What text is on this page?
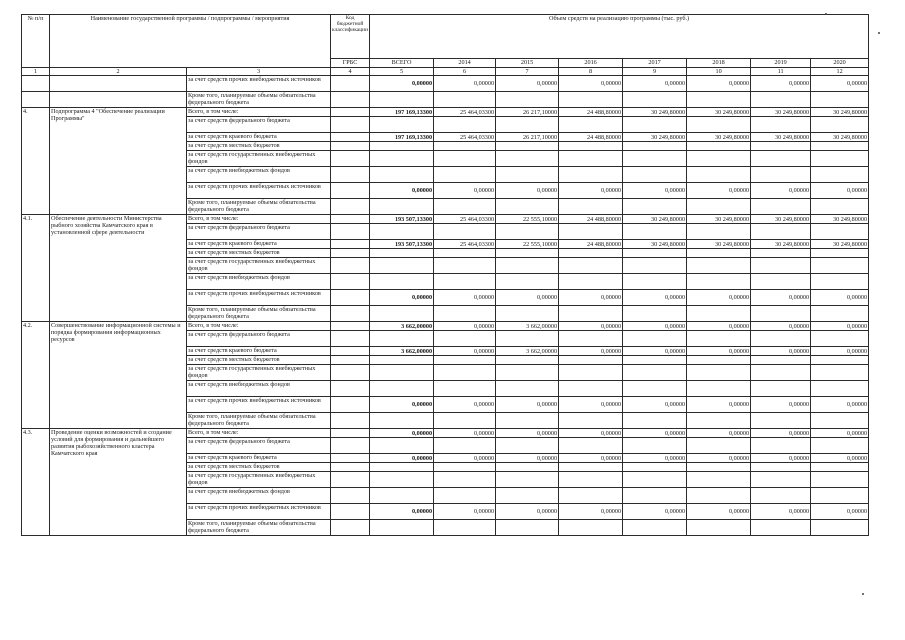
№ п/п	Наименование государственной программы / подпрограммы / мероприятия		Код бюджетной классификации	Объем средств на реализацию программы (тыс. руб.)							
			ГРБС	ВСЕГО	2014	2015	2016	2017	2018	2019	2020
1	2	3	4	5	6	7	8	9	10	11	12
		за счет средств прочих внебюджетных источников		0,00000	0,00000	0,00000	0,00000	0,00000	0,00000	0,00000	0,00000
		Кроме того, планируемые объемы обязательства федерального бюджета									
4.	Подпрограмма 4 "Обеспечение реализации Программы"	Всего, в том числе:		197 169,13300	25 464,03300	26 217,10000	24 488,80000	30 249,80000	30 249,80000	30 249,80000	30 249,80000
		за счет средств федерального бюджета									
		за счет средств краевого бюджета		197 169,13300	25 464,03300	26 217,10000	24 488,80000	30 249,80000	30 249,80000	30 249,80000	30 249,80000
		за счет средств местных бюджетов									
		за счет средств государственных внебюджетных фондов									
		за счет средств внебюджетных фондов									
		за счет средств прочих внебюджетных источников		0,00000	0,00000	0,00000	0,00000	0,00000	0,00000	0,00000	0,00000
		Кроме того, планируемые объемы обязательства федерального бюджета									
4.1.	Обеспечение деятельности Министерства рыбного хозяйства Камчатского края в установленной сфере деятельности	Всего, в том числе:		193 507,13300	25 464,03300	22 555,10000	24 488,80000	30 249,80000	30 249,80000	30 249,80000	30 249,80000
		за счет средств федерального бюджета									
		за счет средств краевого бюджета		193 507,13300	25 464,03300	22 555,10000	24 488,80000	30 249,80000	30 249,80000	30 249,80000	30 249,80000
		за счет средств местных бюджетов									
		за счет средств государственных внебюджетных фондов									
		за счет средств внебюджетных фондов									
		за счет средств прочих внебюджетных источников		0,00000	0,00000	0,00000	0,00000	0,00000	0,00000	0,00000	0,00000
		Кроме того, планируемые объемы обязательства федерального бюджета									
4.2.	Совершенствование информационной системы и порядка формирования информационных ресурсов	Всего, в том числе:		3 662,00000	0,00000	3 662,00000	0,00000	0,00000	0,00000	0,00000	0,00000
		за счет средств федерального бюджета									
		за счет средств краевого бюджета		3 662,00000	0,00000	3 662,00000	0,00000	0,00000	0,00000	0,00000	0,00000
		за счет средств местных бюджетов									
		за счет средств государственных внебюджетных фондов									
		за счет средств внебюджетных фондов									
		за счет средств прочих внебюджетных источников		0,00000	0,00000	0,00000	0,00000	0,00000	0,00000	0,00000	0,00000
		Кроме того, планируемые объемы обязательства федерального бюджета									
4.3.	Проведение оценки возможностей и создание условий для формирования и дальнейшего развития рыбохозяйственного кластера Камчатского края	Всего, в том числе:		0,00000	0,00000	0,00000	0,00000	0,00000	0,00000	0,00000	0,00000
		за счет средств федерального бюджета									
		за счет средств краевого бюджета		0,00000	0,00000	0,00000	0,00000	0,00000	0,00000	0,00000	0,00000
		за счет средств местных бюджетов									
		за счет средств государственных внебюджетных фондов									
		за счет средств внебюджетных фондов									
		за счет средств прочих внебюджетных источников		0,00000	0,00000	0,00000	0,00000	0,00000	0,00000	0,00000	0,00000
		Кроме того, планируемые объемы обязательства федерального бюджета									
